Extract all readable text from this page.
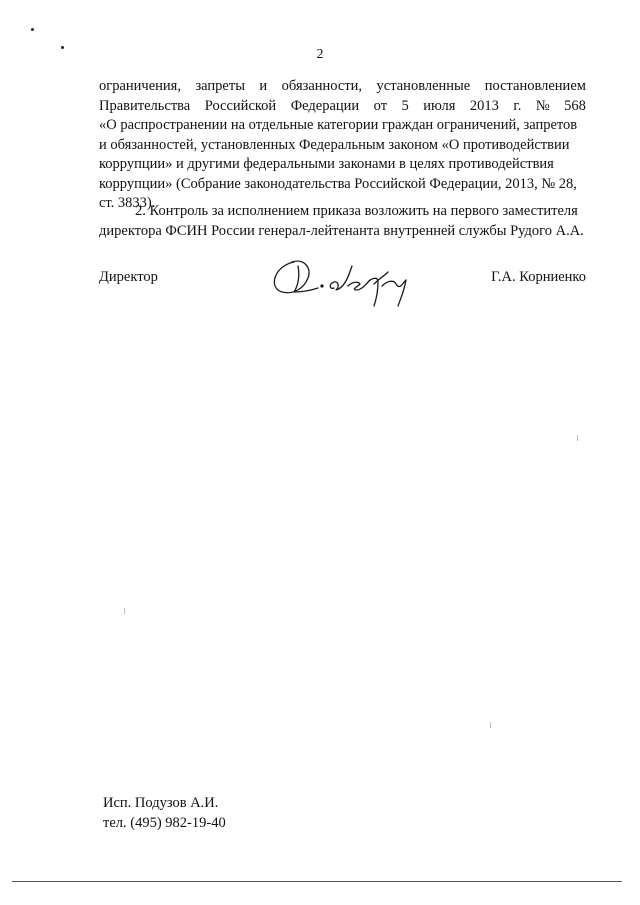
2
ограничения, запреты и обязанности, установленные постановлением
Правительства Российской Федерации от 5 июля 2013 г. № 568
«О распространении на отдельные категории граждан ограничений, запретов
и обязанностей, установленных Федеральным законом «О противодействии
коррупции» и другими федеральными законами в целях противодействия
коррупции» (Собрание законодательства Российской Федерации, 2013, № 28,
ст. 3833).
2. Контроль за исполнением приказа возложить на первого заместителя
директора ФСИН России генерал-лейтенанта внутренней службы Рудого А.А.
Директор	Г.А. Корниенко
Исп. Подузов А.И.
тел. (495) 982-19-40
